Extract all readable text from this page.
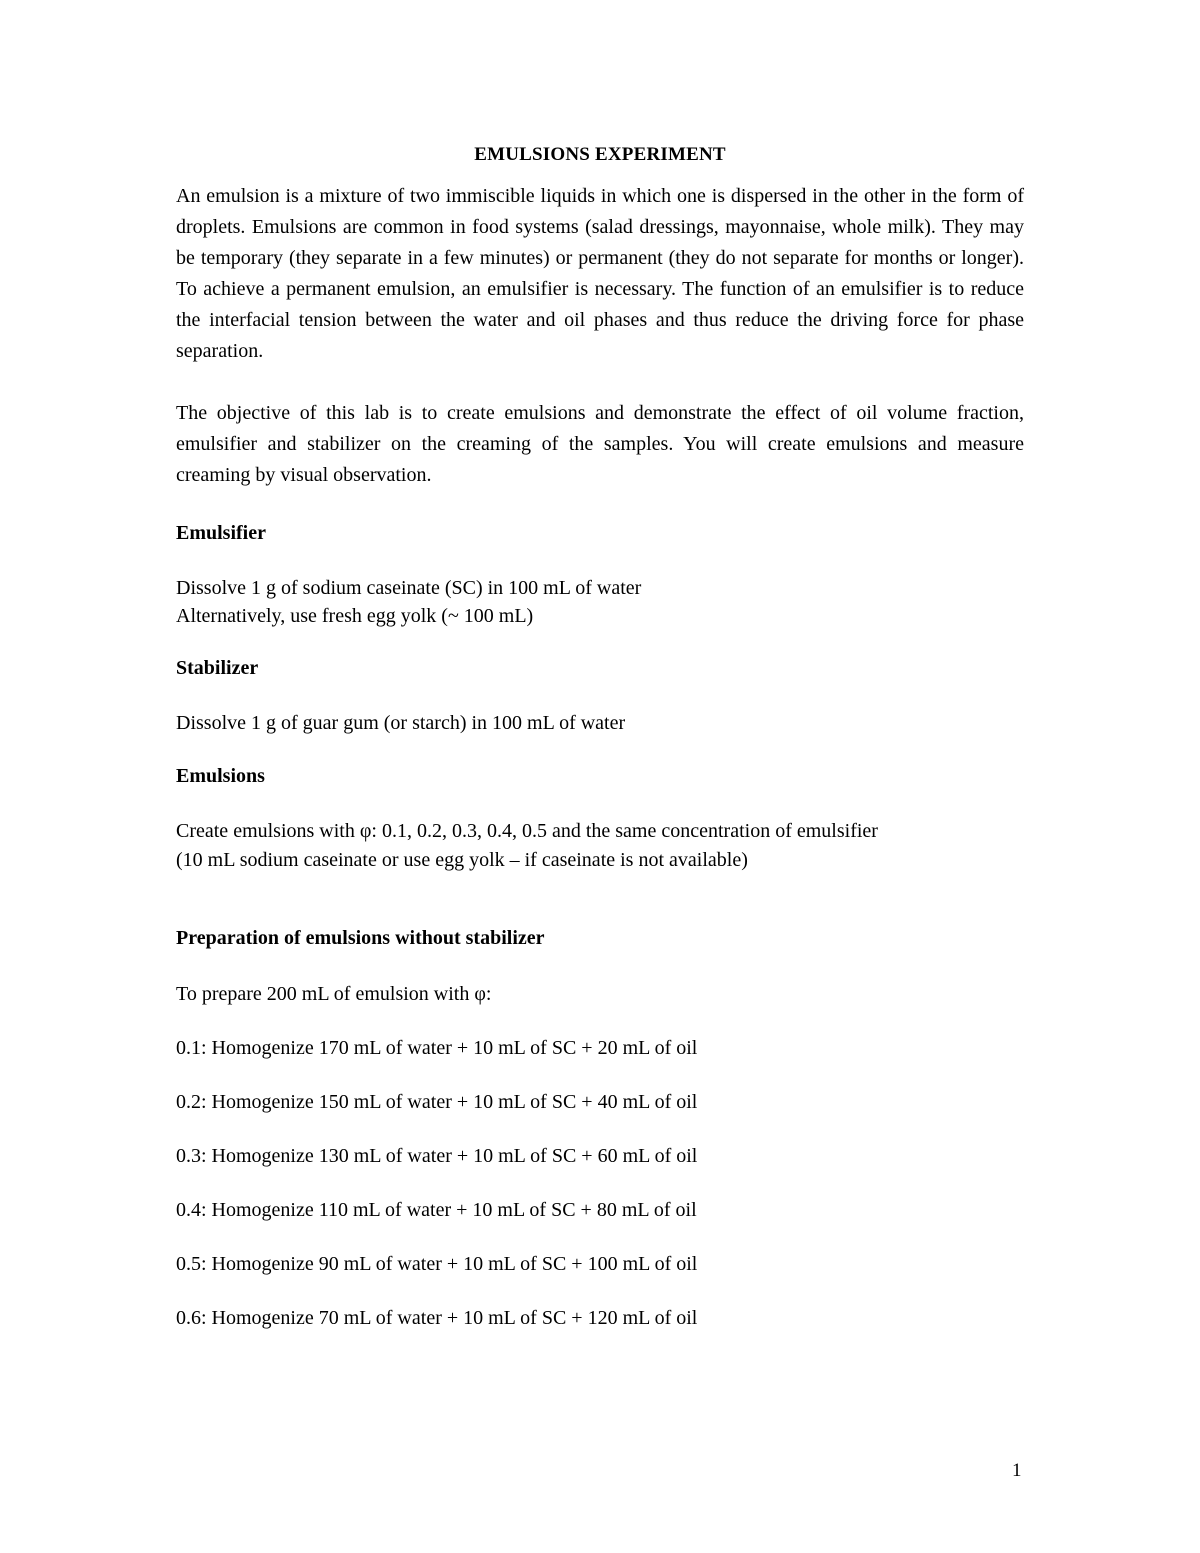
EMULSIONS EXPERIMENT

An emulsion is a mixture of two immiscible liquids in which one is dispersed in the other in the form of droplets. Emulsions are common in food systems (salad dressings, mayonnaise, whole milk). They may be temporary (they separate in a few minutes) or permanent (they do not separate for months or longer). To achieve a permanent emulsion, an emulsifier is necessary. The function of an emulsifier is to reduce the interfacial tension between the water and oil phases and thus reduce the driving force for phase separation.

The objective of this lab is to create emulsions and demonstrate the effect of oil volume fraction, emulsifier and stabilizer on the creaming of the samples. You will create emulsions and measure creaming by visual observation.

Emulsifier
Dissolve 1 g of sodium caseinate (SC) in 100 mL of water
Alternatively, use fresh egg yolk (~ 100 mL)
Stabilizer
Dissolve 1 g of guar gum (or starch) in 100 mL of water
Emulsions
Create emulsions with φ: 0.1, 0.2, 0.3, 0.4, 0.5 and the same concentration of emulsifier
(10 mL sodium caseinate or use egg yolk – if caseinate is not available)
Preparation of emulsions without stabilizer
To prepare 200 mL of emulsion with φ:
0.1: Homogenize 170 mL of water + 10 mL of SC + 20 mL of oil
0.2: Homogenize 150 mL of water + 10 mL of SC + 40 mL of oil
0.3: Homogenize 130 mL of water + 10 mL of SC + 60 mL of oil
0.4: Homogenize 110 mL of water + 10 mL of SC + 80 mL of oil
0.5: Homogenize 90 mL of water + 10 mL of SC + 100 mL of oil
0.6: Homogenize 70 mL of water + 10 mL of SC + 120 mL of oil
1
